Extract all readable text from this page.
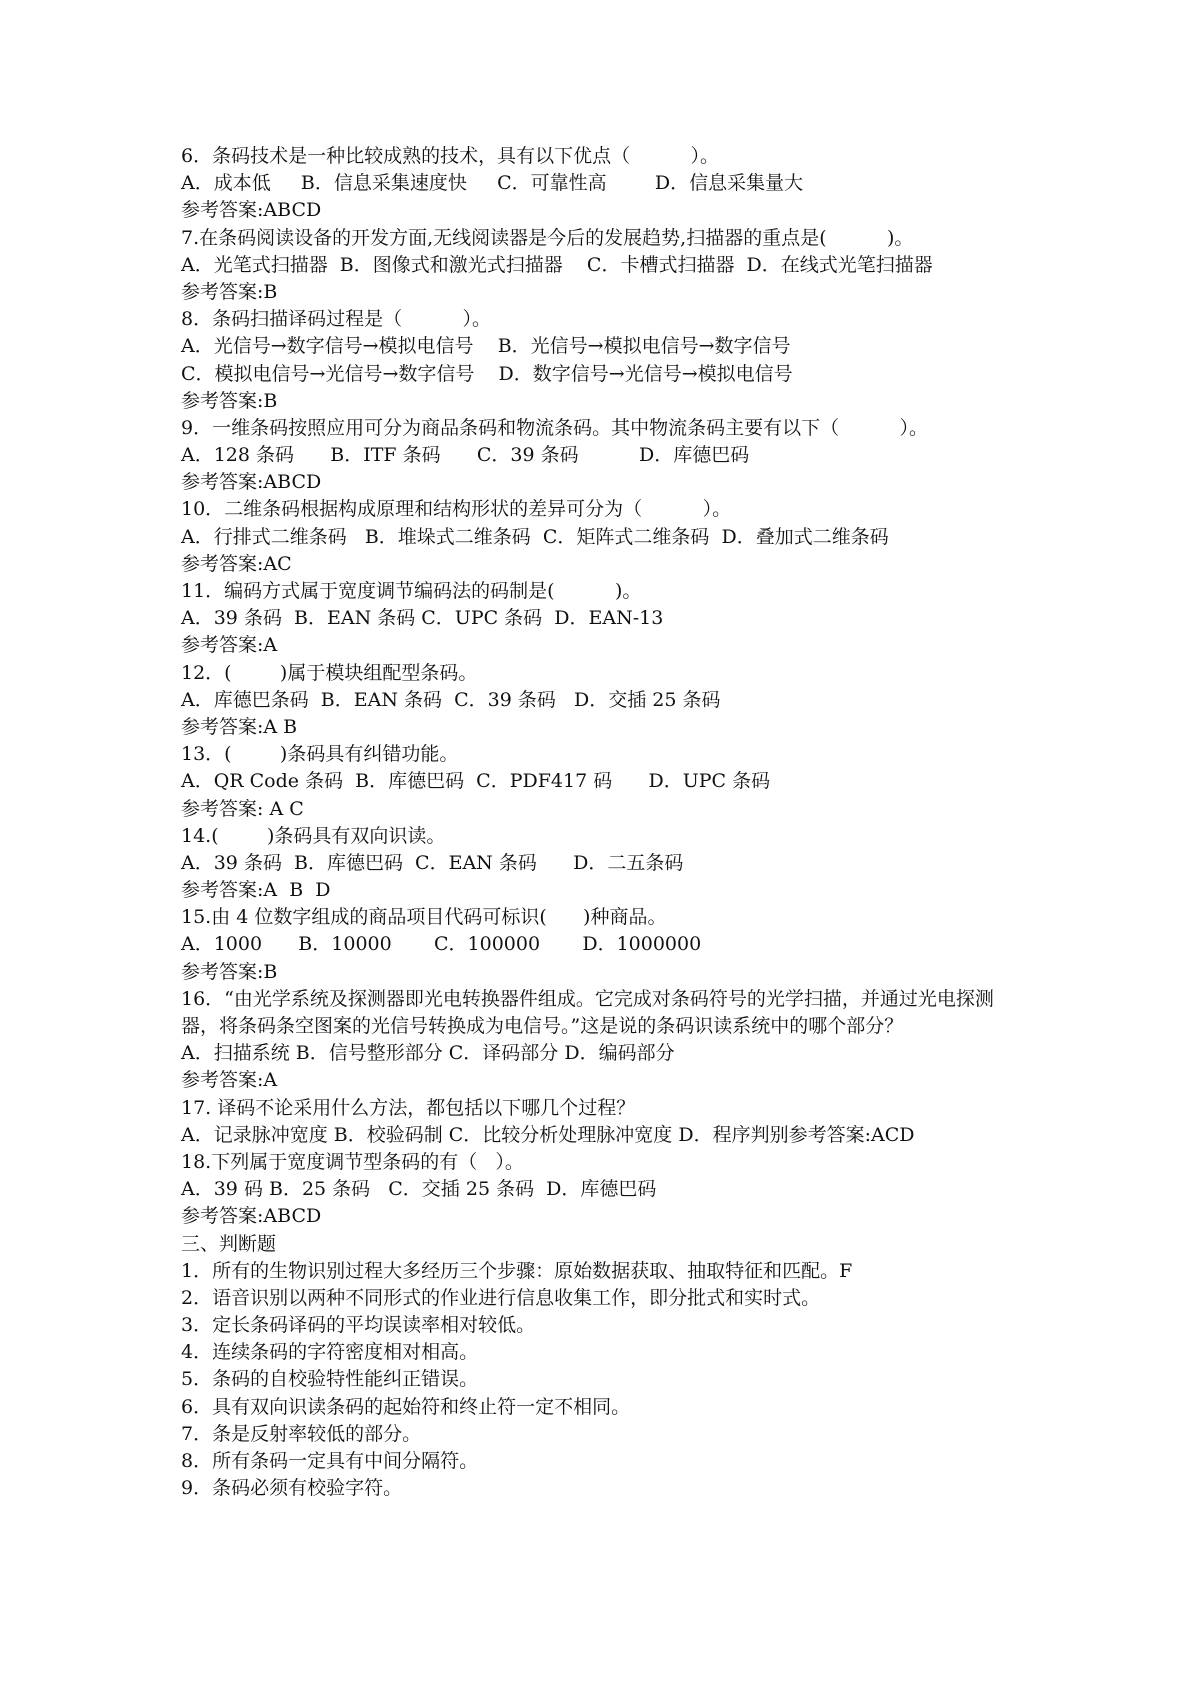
6．条码技术是一种比较成熟的技术，具有以下优点（          ）。
A．成本低     B．信息采集速度快     C．可靠性高        D．信息采集量大
参考答案:ABCD
7.在条码阅读设备的开发方面,无线阅读器是今后的发展趋势,扫描器的重点是(          )。
A．光笔式扫描器  B．图像式和激光式扫描器    C．卡槽式扫描器  D．在线式光笔扫描器
参考答案:B
8．条码扫描译码过程是（          ）。
A．光信号→数字信号→模拟电信号    B．光信号→模拟电信号→数字信号
C．模拟电信号→光信号→数字信号    D．数字信号→光信号→模拟电信号
参考答案:B
9．一维条码按照应用可分为商品条码和物流条码。其中物流条码主要有以下（          ）。
A．128 条码      B．ITF 条码      C．39 条码          D．库德巴码
参考答案:ABCD
10．二维条码根据构成原理和结构形状的差异可分为（          ）。
A．行排式二维条码   B．堆垛式二维条码  C．矩阵式二维条码  D．叠加式二维条码
参考答案:AC
11．编码方式属于宽度调节编码法的码制是(          )。
A．39 条码  B．EAN 条码 C．UPC 条码  D．EAN-13
参考答案:A
12．(        )属于模块组配型条码。
A．库德巴条码  B．EAN 条码  C．39 条码   D．交插 25 条码
参考答案:A B
13．(        )条码具有纠错功能。
A．QR Code 条码  B．库德巴码  C．PDF417 码      D．UPC 条码
参考答案: A C
14.(        )条码具有双向识读。
A．39 条码  B．库德巴码  C．EAN 条码      D．二五条码
参考答案:A  B  D
15.由 4 位数字组成的商品项目代码可标识(      )种商品。
A．1000      B．10000       C．100000       D．1000000
参考答案:B
16．“由光学系统及探测器即光电转换器件组成。它完成对条码符号的光学扫描，并通过光电探测器，将条码条空图案的光信号转换成为电信号。”这是说的条码识读系统中的哪个部分？
A．扫描系统 B．信号整形部分 C．译码部分 D．编码部分
参考答案:A
17. 译码不论采用什么方法，都包括以下哪几个过程？
A．记录脉冲宽度 B．校验码制 C．比较分析处理脉冲宽度 D．程序判别参考答案:ACD
18.下列属于宽度调节型条码的有（   ）。
A．39 码 B．25 条码   C．交插 25 条码  D．库德巴码
参考答案:ABCD
三、判断题
1．所有的生物识别过程大多经历三个步骤：原始数据获取、抽取特征和匹配。F
2．语音识别以两种不同形式的作业进行信息收集工作，即分批式和实时式。
3．定长条码译码的平均误读率相对较低。
4．连续条码的字符密度相对相高。
5．条码的自校验特性能纠正错误。
6．具有双向识读条码的起始符和终止符一定不相同。
7．条是反射率较低的部分。
8．所有条码一定具有中间分隔符。
9．条码必须有校验字符。
